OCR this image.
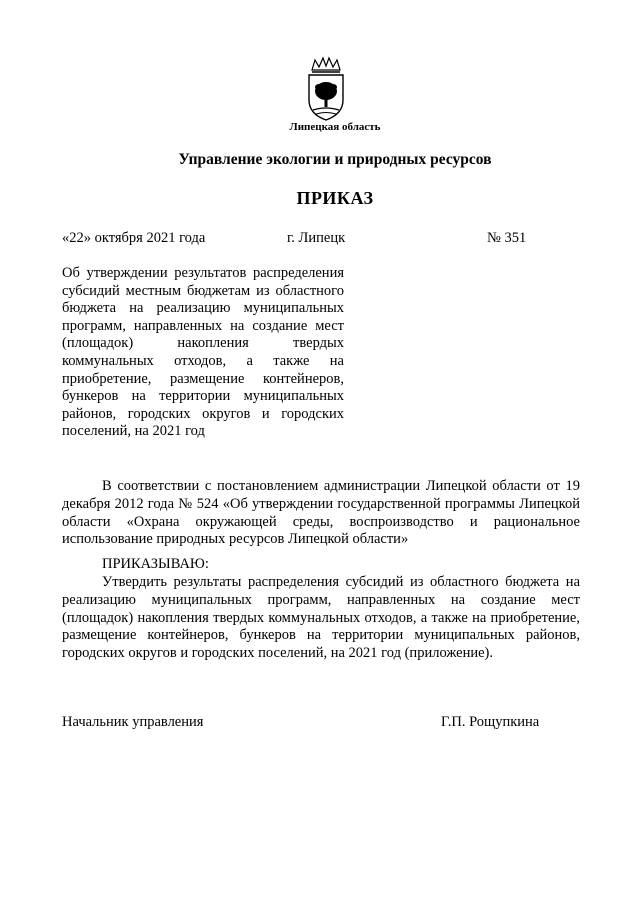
Липецкая область
Управление экологии и природных ресурсов
ПРИКАЗ
«22» октября 2021 года	г. Липецк	№ 351
Об утверждении результатов распределения субсидий местным бюджетам из областного бюджета на реализацию муниципальных программ, направленных на создание мест (площадок) накопления твердых коммунальных отходов, а также на приобретение, размещение контейнеров, бункеров на территории муниципальных районов, городских округов и городских поселений, на 2021 год
В соответствии с постановлением администрации Липецкой области от 19 декабря 2012 года № 524 «Об утверждении государственной программы Липецкой области «Охрана окружающей среды, воспроизводство и рациональное использование природных ресурсов Липецкой области»
ПРИКАЗЫВАЮ:
Утвердить результаты распределения субсидий из областного бюджета на реализацию муниципальных программ, направленных на создание мест (площадок) накопления твердых коммунальных отходов, а также на приобретение, размещение контейнеров, бункеров на территории муниципальных районов, городских округов и городских поселений, на 2021 год (приложение).
Начальник управления	Г.П. Рощупкина
